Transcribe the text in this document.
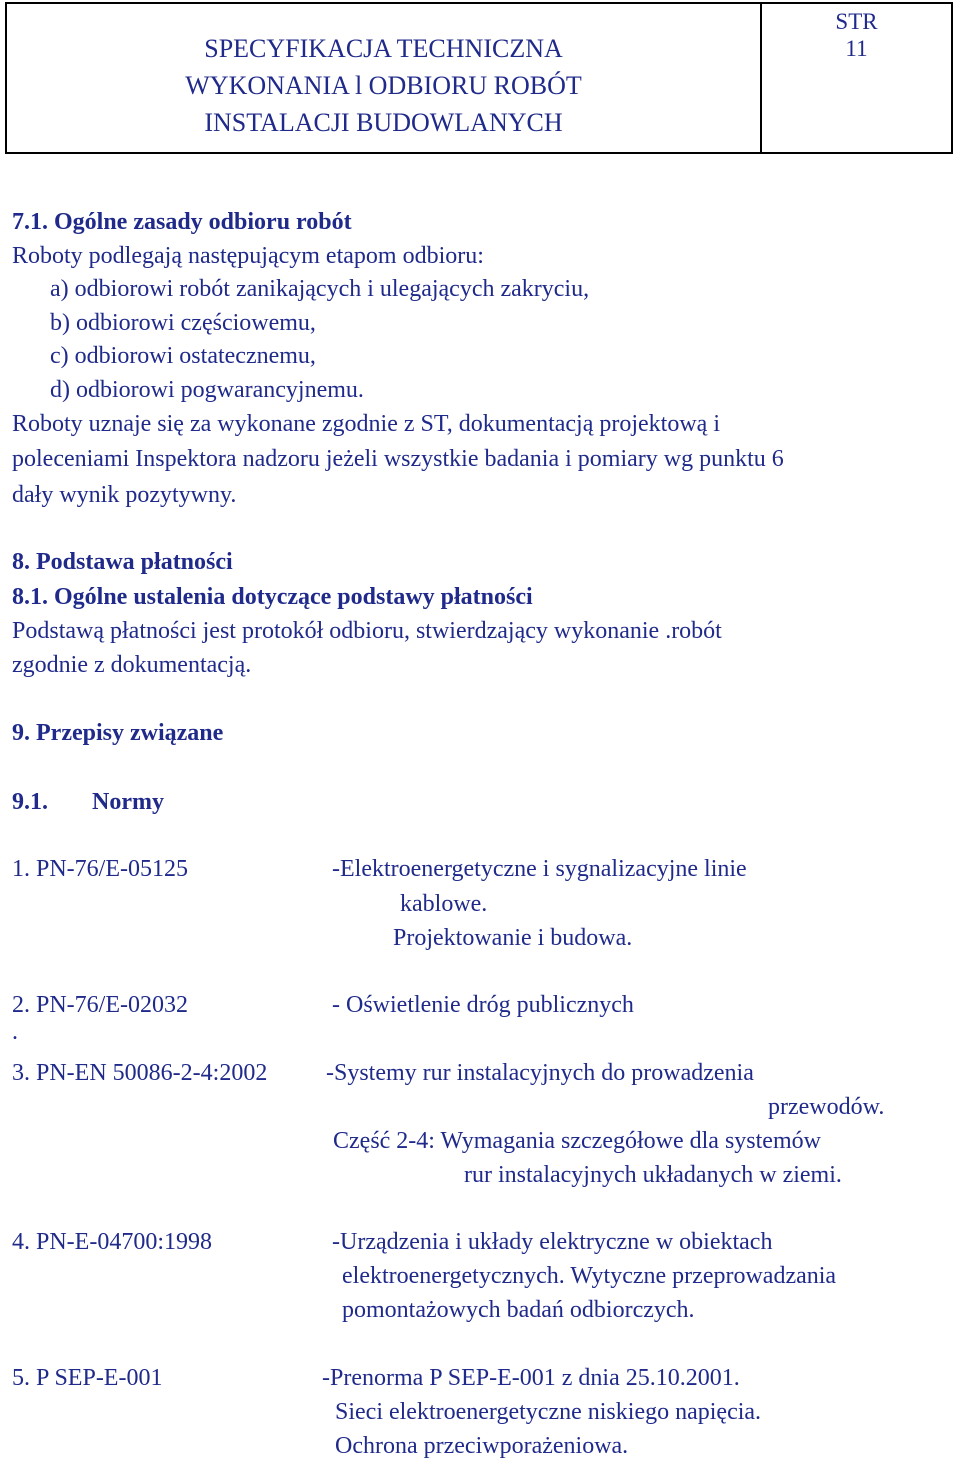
SPECYFIKACJA TECHNICZNA
WYKONANIA l ODBIORU ROBÓT
INSTALACJI BUDOWLANYCH
STR
11
7.1. Ogólne zasady odbioru robót
Roboty podlegają następującym etapom odbioru:
a) odbiorowi robót zanikających i ulegających zakryciu,
b) odbiorowi częściowemu,
c) odbiorowi ostatecznemu,
d) odbiorowi pogwarancyjnemu.
Roboty uznaje się za wykonane zgodnie z ST, dokumentacją projektową i
poleceniami Inspektora nadzoru jeżeli wszystkie badania i pomiary wg punktu 6
dały wynik pozytywny.
8. Podstawa płatności
8.1. Ogólne ustalenia dotyczące podstawy płatności
Podstawą płatności jest protokół odbioru, stwierdzający wykonanie .robót
zgodnie z dokumentacją.
9. Przepisy związane
9.1. Normy
1. PN-76/E-05125	-Elektroenergetyczne i sygnalizacyjne linie
kablowe.
Projektowanie i budowa.
2. PN-76/E-02032	- Oświetlenie dróg publicznych
.
3. PN-EN 50086-2-4:2002 -Systemy rur instalacyjnych do prowadzenia
przewodów.
Część 2-4: Wymagania szczegółowe dla systemów
rur instalacyjnych układanych w ziemi.
4. PN-E-04700:1998	-Urządzenia i układy elektryczne w obiektach
elektroenergetycznych. Wytyczne przeprowadzania
pomontażowych badań odbiorczych.
5. P SEP-E-001	-Prenorma P SEP-E-001 z dnia 25.10.2001.
Sieci elektroenergetyczne niskiego napięcia.
Ochrona przeciwporażeniowa.
